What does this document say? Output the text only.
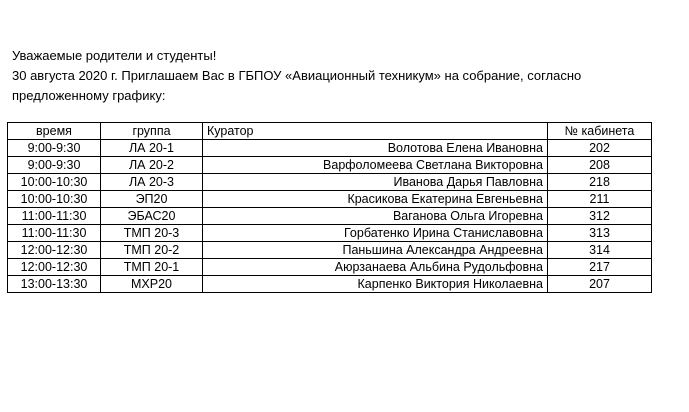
Уважаемые родители и студенты!

30 августа 2020 г. Приглашаем Вас в ГБПОУ «Авиационный техникум» на собрание, согласно

предложенному графику:

время	группа	Куратор	№ кабинета
9:00-9:30	ЛА 20-1	Волотова Елена Ивановна	202
9:00-9:30	ЛА 20-2	Варфоломеева Светлана Викторовна	208
10:00-10:30	ЛА 20-3	Иванова Дарья Павловна	218
10:00-10:30	ЭП20	Красикова Екатерина Евгеньевна	211
11:00-11:30	ЭБАС20	Ваганова Ольга Игоревна	312
11:00-11:30	ТМП 20-3	Горбатенко Ирина Станиславовна	313
12:00-12:30	ТМП 20-2	Паньшина Александра Андреевна	314
12:00-12:30	ТМП 20-1	Аюрзанаева Альбина Рудольфовна	217
13:00-13:30	МХР20	Карпенко Виктория Николаевна	207
